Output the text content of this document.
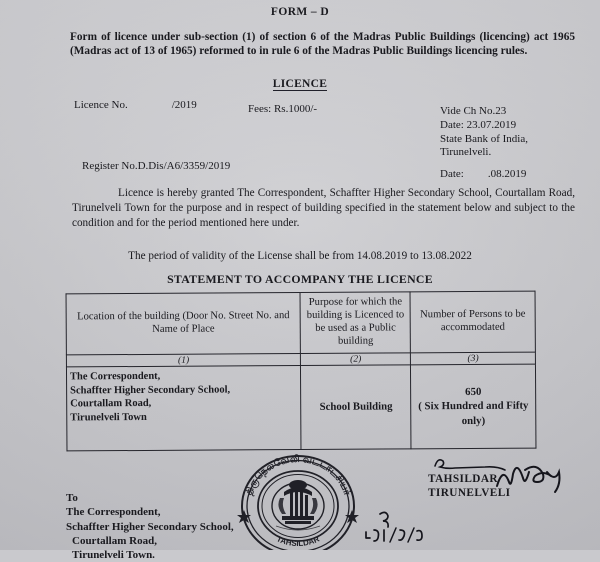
FORM – D
Form of licence under sub-section (1) of section 6 of the Madras Public Buildings (licencing) act 1965 (Madras act of 13 of 1965) reformed to in rule 6 of the Madras Public Buildings licencing rules.
LICENCE
Licence No.	/2019	Fees: Rs.1000/-	Vide Ch No.23
Date: 23.07.2019
State Bank of India,
Tirunelveli.
Register No.D.Dis/A6/3359/2019
Date: .08.2019
Licence is hereby granted The Correspondent, Schaffter Higher Secondary School, Courtallam Road, Tirunelveli Town for the purpose and in respect of building specified in the statement below and subject to the condition and for the period mentioned here under.
The period of validity of the License shall be from 14.08.2019 to 13.08.2022
STATEMENT TO ACCOMPANY THE LICENCE
Location of the building (Door No. Street No. and Name of Place	Purpose for which the building is Licenced to be used as a Public building	Number of Persons to be accommodated
(1)	(2)	(3)
The Correspondent,
Schaffter Higher Secondary School,
Courtallam Road,
Tirunelveli Town	School Building	650
( Six Hundred and Fifty only)
To
The Correspondent,
Schaffter Higher Secondary School,
Courtallam Road,
Tirunelveli Town.
TAHSILDAR
TIRUNELVELI
திருநெல்வேலி வட்டாட்சியர்
TAHSILDAR
